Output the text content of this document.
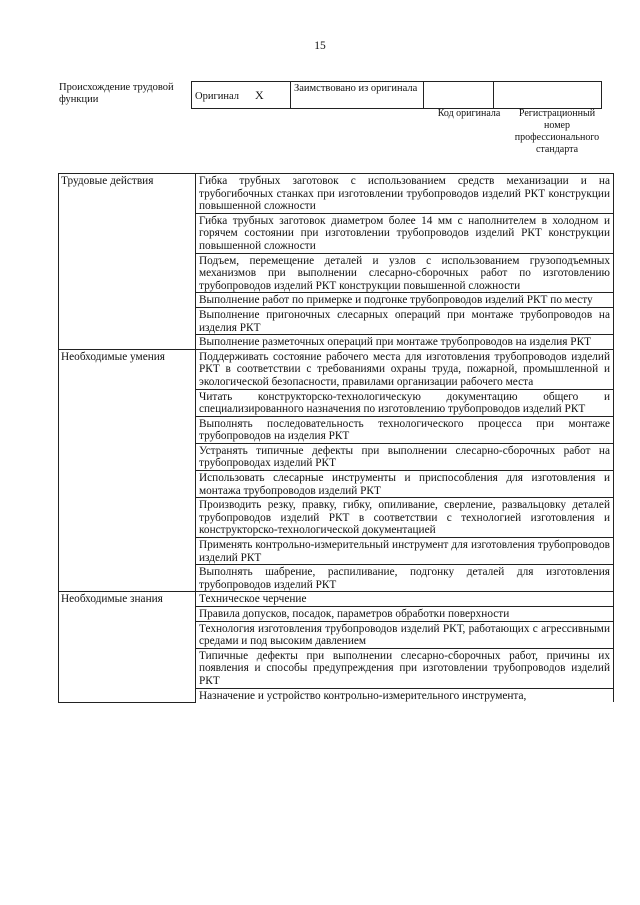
15
Происхождение трудовой функции	Оригинал X	Заимствовано из оригинала		
Код оригинала	Регистрационный номер профессионального стандарта
Трудовые действия	Гибка трубных заготовок с использованием средств механизации и на трубогибочных станках при изготовлении трубопроводов изделий РКТ конструкции повышенной сложности
	Гибка трубных заготовок диаметром более 14 мм с наполнителем в холодном и горячем состоянии при изготовлении трубопроводов изделий РКТ конструкции повышенной сложности
	Подъем, перемещение деталей и узлов с использованием грузоподъемных механизмов при выполнении слесарно-сборочных работ по изготовлению трубопроводов изделий РКТ конструкции повышенной сложности
	Выполнение работ по примерке и подгонке трубопроводов изделий РКТ по месту
	Выполнение пригоночных слесарных операций при монтаже трубопроводов на изделия РКТ
	Выполнение разметочных операций при монтаже трубопроводов на изделия РКТ
Необходимые умения	Поддерживать состояние рабочего места для изготовления трубопроводов изделий РКТ в соответствии с требованиями охраны труда, пожарной, промышленной и экологической безопасности, правилами организации рабочего места
	Читать конструкторско-технологическую документацию общего и специализированного назначения по изготовлению трубопроводов изделий РКТ
	Выполнять последовательность технологического процесса при монтаже трубопроводов на изделия РКТ
	Устранять типичные дефекты при выполнении слесарно-сборочных работ на трубопроводах изделий РКТ
	Использовать слесарные инструменты и приспособления для изготовления и монтажа трубопроводов изделий РКТ
	Производить резку, правку, гибку, опиливание, сверление, развальцовку деталей трубопроводов изделий РКТ в соответствии с технологией изготовления и конструкторско-технологической документацией
	Применять контрольно-измерительный инструмент для изготовления трубопроводов изделий РКТ
	Выполнять шабрение, распиливание, подгонку деталей для изготовления трубопроводов изделий РКТ
Необходимые знания	Техническое черчение
	Правила допусков, посадок, параметров обработки поверхности
	Технология изготовления трубопроводов изделий РКТ, работающих с агрессивными средами и под высоким давлением
	Типичные дефекты при выполнении слесарно-сборочных работ, причины их появления и способы предупреждения при изготовлении трубопроводов изделий РКТ
	Назначение и устройство контрольно-измерительного инструмента,
